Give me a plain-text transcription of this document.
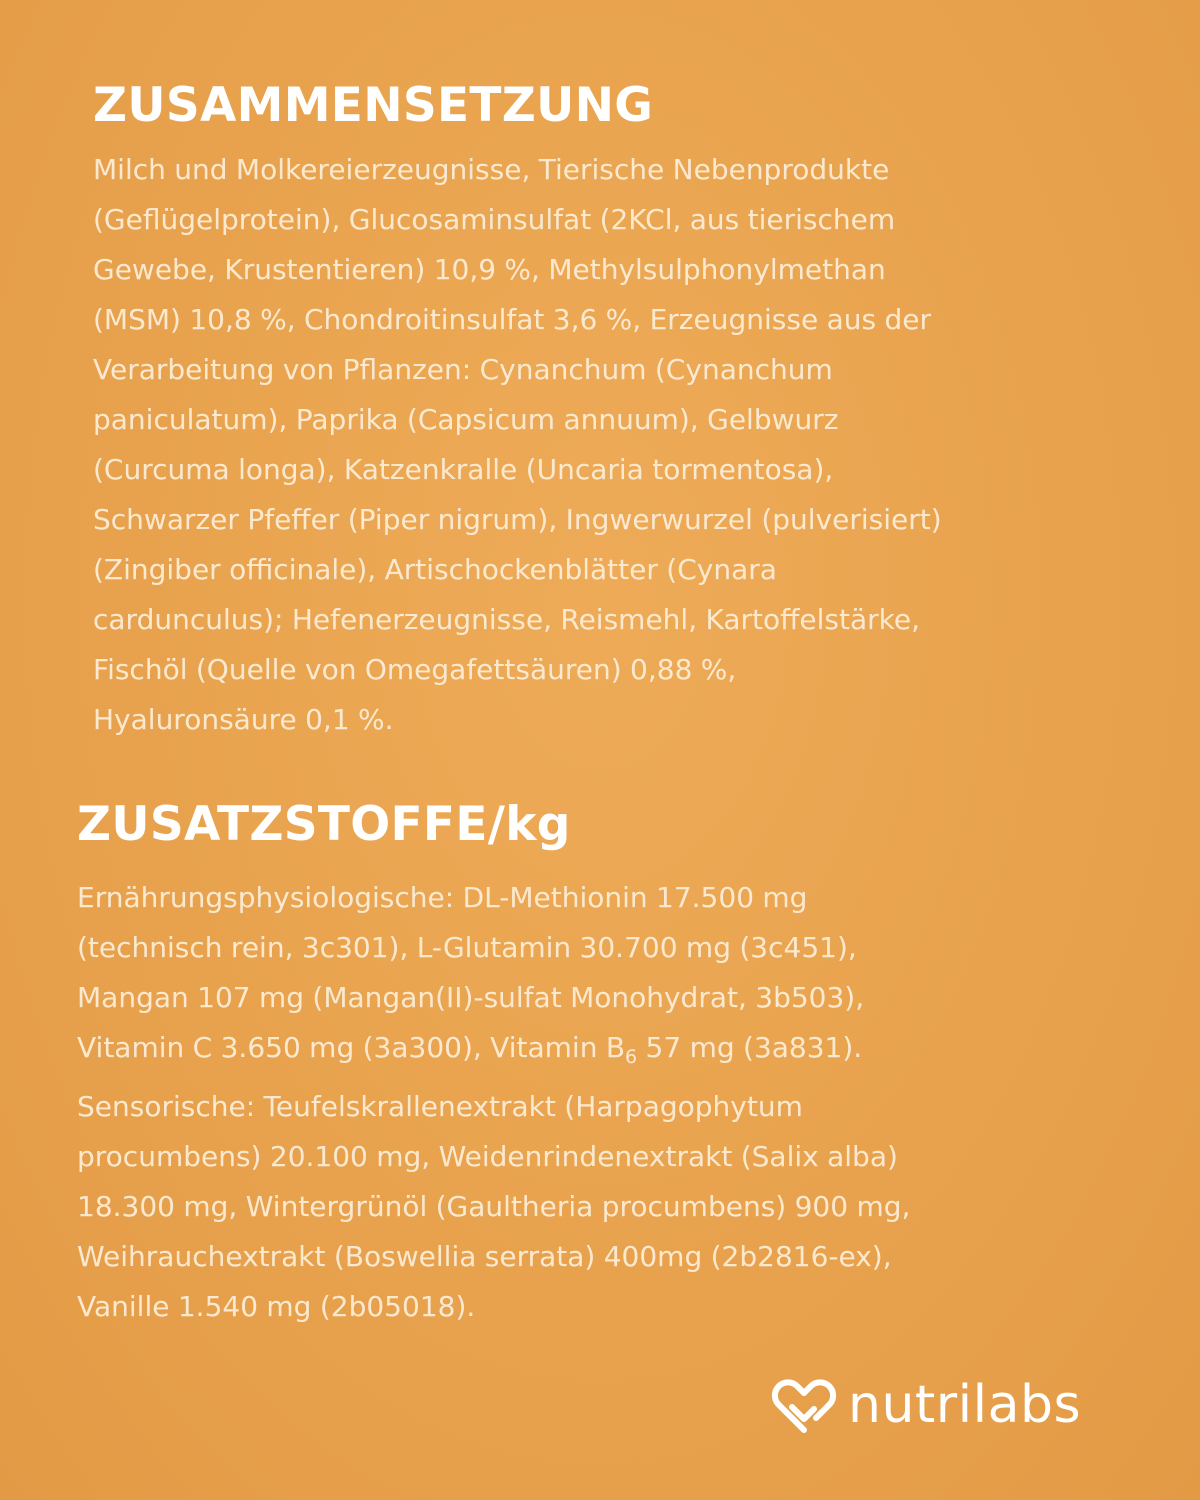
ZUSAMMENSETZUNG
Milch und Molkereierzeugnisse, Tierische Nebenprodukte
(Geflügelprotein), Glucosaminsulfat (2KCl, aus tierischem
Gewebe, Krustentieren) 10,9 %, Methylsulphonylmethan
(MSM) 10,8 %, Chondroitinsulfat 3,6 %, Erzeugnisse aus der
Verarbeitung von Pflanzen: Cynanchum (Cynanchum
paniculatum), Paprika (Capsicum annuum), Gelbwurz
(Curcuma longa), Katzenkralle (Uncaria tormentosa),
Schwarzer Pfeffer (Piper nigrum), Ingwerwurzel (pulverisiert)
(Zingiber officinale), Artischockenblätter (Cynara
cardunculus); Hefenerzeugnisse, Reismehl, Kartoffelstärke,
Fischöl (Quelle von Omegafettsäuren) 0,88 %,
Hyaluronsäure 0,1 %.
ZUSATZSTOFFE/kg
Ernährungsphysiologische: DL-Methionin 17.500 mg
(technisch rein, 3c301), L-Glutamin 30.700 mg (3c451),
Mangan 107 mg (Mangan(II)-sulfat Monohydrat, 3b503),
Vitamin C 3.650 mg (3a300), Vitamin $B_6$ 57 mg (3a831).
Sensorische: Teufelskrallenextrakt (Harpagophytum
procumbens) 20.100 mg, Weidenrindenextrakt (Salix alba)
18.300 mg, Wintergrünöl (Gaultheria procumbens) 900 mg,
Weihrauchextrakt (Boswellia serrata) 400mg (2b2816-ex),
Vanille 1.540 mg (2b05018).
nutrilabs
